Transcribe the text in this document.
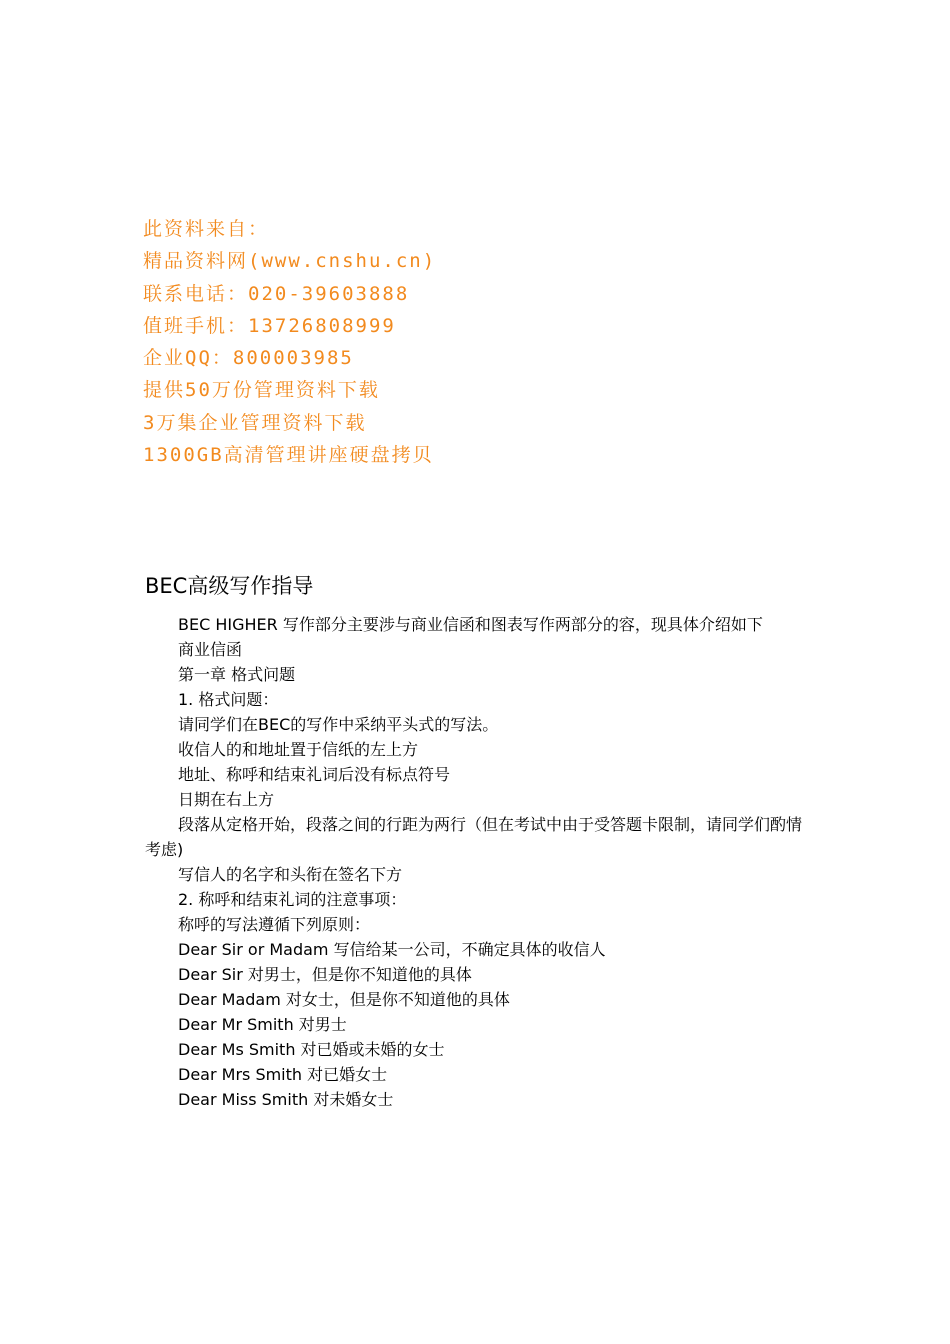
此资料来自：
精品资料网(www.cnshu.cn)
联系电话：020-39603888
值班手机：13726808999
企业QQ：800003985
提供50万份管理资料下载
3万集企业管理资料下载
1300GB高清管理讲座硬盘拷贝
BEC高级写作指导

BEC HIGHER 写作部分主要涉与商业信函和图表写作两部分的容，现具体介绍如下

商业信函

第一章 格式问题

1. 格式问题：

请同学们在BEC的写作中采纳平头式的写法。

收信人的和地址置于信纸的左上方

地址、称呼和结束礼词后没有标点符号

日期在右上方

段落从定格开始，段落之间的行距为两行（但在考试中由于受答题卡限制，请同学们酌情考虑)

写信人的名字和头衔在签名下方

2. 称呼和结束礼词的注意事项：

称呼的写法遵循下列原则：

Dear Sir or Madam 写信给某一公司，不确定具体的收信人

Dear Sir 对男士，但是你不知道他的具体

Dear Madam 对女士，但是你不知道他的具体

Dear Mr Smith 对男士

Dear Ms Smith 对已婚或未婚的女士

Dear Mrs Smith 对已婚女士

Dear Miss Smith 对未婚女士
